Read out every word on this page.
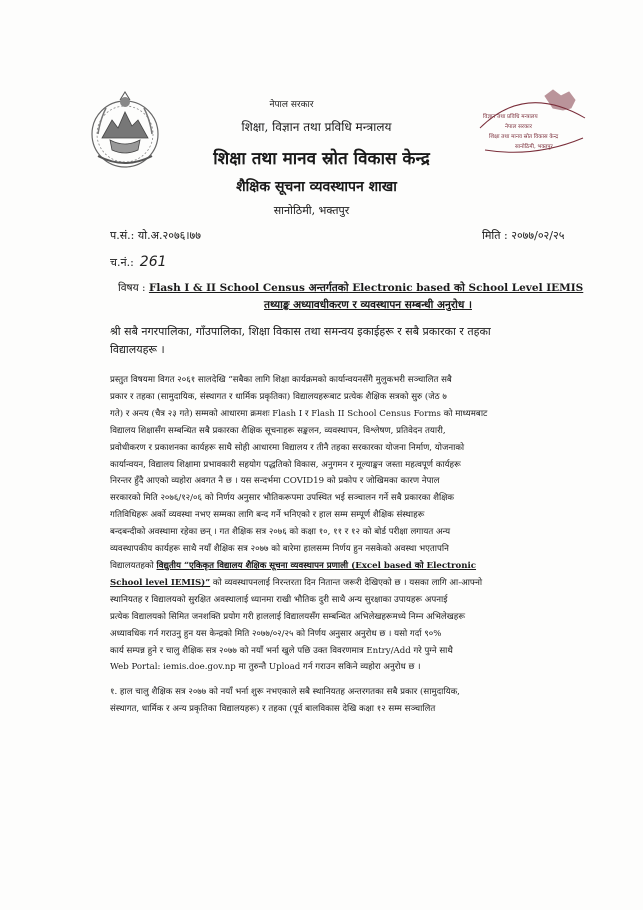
नेपाल सरकार
शिक्षा, विज्ञान तथा प्रविधि मन्त्रालय
शिक्षा तथा मानव स्रोत विकास केन्द्र
शैक्षिक सूचना व्यवस्थापन शाखा
सानोठिमी, भक्तपुर
विज्ञान तथा प्रविधि मन्त्रालय
नेपाल सरकार
शिक्षा तथा मानव स्रोत विकास केन्द्र
सानोठिमी, भक्तपुर
प.सं.: यो.अ.२०७६।७७	मिति : २०७७/०२/२५
च.नं.: 261
विषय : Flash I & II School Census अन्तर्गतको Electronic based को School Level IEMIS
तथ्याङ्क अध्यावधीकरण र व्यवस्थापन सम्बन्धी अनुरोध ।
श्री सबै नगरपालिका, गाँउपालिका, शिक्षा विकास तथा समन्वय इकाईहरू र सबै प्रकारका र तहका
विद्यालयहरू ।
प्रस्तुत विषयमा विगत २०६१ सालदेखि “सबैका लागि शिक्षा कार्यक्रमको कार्यान्वयनसँगै मुलुकभरी सञ्चालित सबै
प्रकार र तहका (सामुदायिक, संस्थागत र धार्मिक प्रकृतिका) विद्यालयहरूबाट प्रत्येक शैक्षिक सत्रको सुरु (जेठ ७
गते) र अन्त्य (चैत्र २३ गते) सम्मको आधारमा क्रमशः Flash I र Flash II School Census Forms को माध्यमबाट
विद्यालय शिक्षासँग सम्बन्धित सबै प्रकारका शैक्षिक सूचनाहरू सङ्कलन, व्यवस्थापन, विश्लेषण, प्रतिवेदन तयारी,
प्रवोधीकरण र प्रकाशनका कार्यहरू साथै सोही आधारमा विद्यालय र तीनै तहका सरकारका योजना निर्माण, योजनाको
कार्यान्वयन, विद्यालय शिक्षामा प्रभावकारी सहयोग पद्धतिको विकास, अनुगमन र मूल्याङ्कन जस्ता महत्वपूर्ण कार्यहरू
निरन्तर हुँदै आएको व्यहोरा अवगत नै छ । यस सन्दर्भमा COVID19 को प्रकोप र जोखिमका कारण नेपाल
सरकारको मिति २०७६/१२/०६ को निर्णय अनुसार भौतिकरूपमा उपस्थित भई सञ्चालन गर्ने सबै प्रकारका शैक्षिक
गतिविधिहरू अर्को व्यवस्था नभए सम्मका लागि बन्द गर्ने भनिएको र हाल सम्म सम्पूर्ण शैक्षिक संस्थाहरू
बन्दबन्दीको अवस्थामा रहेका छन् । गत शैक्षिक सत्र २०७६ को कक्षा १०, ११ र १२ को बोर्ड परीक्षा लगायत अन्य
व्यवस्थापकीय कार्यहरू साथै नयाँ शैक्षिक सत्र २०७७ को बारेमा हालसम्म निर्णय हुन नसकेको अवस्था भएतापनि
विद्यालयतहको विद्युतीय “एकिकृत विद्यालय शैक्षिक सूचना व्यवस्थापन प्रणाली (Excel based को Electronic
School level IEMIS)” को व्यवस्थापनलाई निरन्तरता दिन नितान्त जरूरी देखिएको छ । यसका लागि आ-आफ्नो
स्थानियतह र विद्यालयको सुरक्षित अवस्थालाई ध्यानमा राखी भौतिक दुरी साथै अन्य सुरक्षाका उपायहरू अपनाई
प्रत्येक विद्यालयको सिमित जनशक्ति प्रयोग गरी हाललाई विद्यालयसँग सम्बन्धित अभिलेखहरूमध्ये निम्न अभिलेखहरू
अध्यावधिक गर्न गराउनु हुन यस केन्द्रको मिति २०७७/०२/२५ को निर्णय अनुसार अनुरोध छ । यसो गर्दा ९०%
कार्य सम्पन्न हुने र चालु शैक्षिक सत्र २०७७ को नयाँ भर्ना खुले पछि उक्त विवरणमात्र Entry/Add गरे पुग्ने साथै
Web Portal: iemis.doe.gov.np मा तुरुन्तै Upload गर्न गराउन सकिने व्यहोरा अनुरोध छ ।
१. हाल चालु शैक्षिक सत्र २०७७ को नयाँ भर्ना शुरू नभएकाले सबै स्थानियतह अन्तरगतका सबै प्रकार (सामुदायिक,
संस्थागत, धार्मिक र अन्य प्रकृतिका विद्यालयहरू) र तहका (पूर्व बालविकास देखि कक्षा १२ सम्म सञ्चालित
